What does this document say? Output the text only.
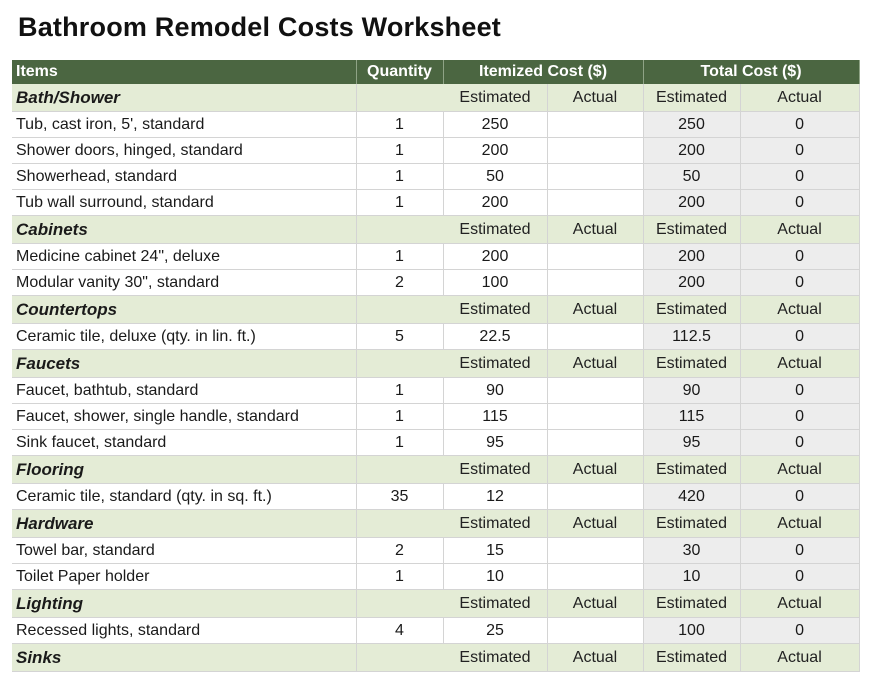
Bathroom Remodel Costs Worksheet
Items	Quantity	Itemized Cost ($)		Total Cost ($)	
Bath/Shower		Estimated	Actual	Estimated	Actual
Tub, cast iron, 5', standard	1	250		250	0
Shower doors, hinged, standard	1	200		200	0
Showerhead, standard	1	50		50	0
Tub wall surround, standard	1	200		200	0
Cabinets		Estimated	Actual	Estimated	Actual
Medicine cabinet 24", deluxe	1	200		200	0
Modular vanity 30", standard	2	100		200	0
Countertops		Estimated	Actual	Estimated	Actual
Ceramic tile, deluxe (qty. in lin. ft.)	5	22.5		112.5	0
Faucets		Estimated	Actual	Estimated	Actual
Faucet, bathtub, standard	1	90		90	0
Faucet, shower, single handle, standard	1	115		115	0
Sink faucet, standard	1	95		95	0
Flooring		Estimated	Actual	Estimated	Actual
Ceramic tile, standard (qty. in sq. ft.)	35	12		420	0
Hardware		Estimated	Actual	Estimated	Actual
Towel bar, standard	2	15		30	0
Toilet Paper holder	1	10		10	0
Lighting		Estimated	Actual	Estimated	Actual
Recessed lights, standard	4	25		100	0
Sinks		Estimated	Actual	Estimated	Actual
